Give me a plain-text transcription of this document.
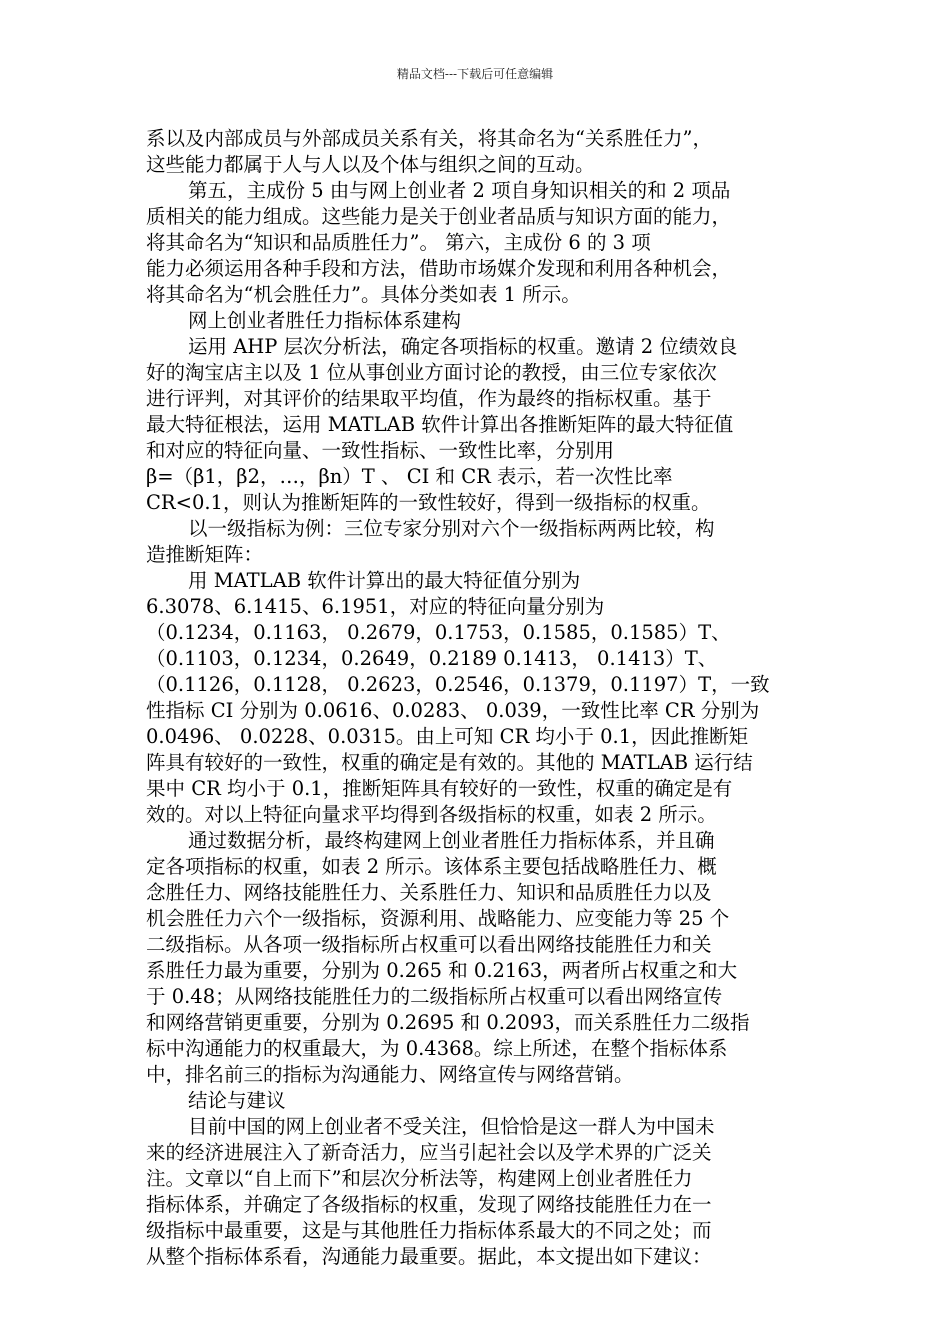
精品文档---下载后可任意编辑
系以及内部成员与外部成员关系有关，将其命名为“关系胜任力”，
这些能力都属于人与人以及个体与组织之间的互动。
第五，主成份 5 由与网上创业者 2 项自身知识相关的和 2 项品
质相关的能力组成。这些能力是关于创业者品质与知识方面的能力，
将其命名为“知识和品质胜任力”。 第六，主成份 6 的 3 项
能力必须运用各种手段和方法，借助市场媒介发现和利用各种机会，
将其命名为“机会胜任力”。具体分类如表 1 所示。
网上创业者胜任力指标体系建构
运用 AHP 层次分析法，确定各项指标的权重。邀请 2 位绩效良
好的淘宝店主以及 1 位从事创业方面讨论的教授，由三位专家依次
进行评判，对其评价的结果取平均值，作为最终的指标权重。基于
最大特征根法，运用 MATLAB 软件计算出各推断矩阵的最大特征值
和对应的特征向量、一致性指标、一致性比率，分别用
β=（β1，β2，…，βn）T 、 CI 和 CR 表示，若一次性比率
CR<0.1，则认为推断矩阵的一致性较好，得到一级指标的权重。
以一级指标为例：三位专家分别对六个一级指标两两比较，构
造推断矩阵：
用 MATLAB 软件计算出的最大特征值分别为
6.3078、6.1415、6.1951，对应的特征向量分别为
（0.1234，0.1163， 0.2679，0.1753，0.1585，0.1585）T、
（0.1103，0.1234，0.2649，0.2189 0.1413， 0.1413）T、
（0.1126，0.1128， 0.2623，0.2546，0.1379，0.1197）T，一致
性指标 CI 分别为 0.0616、0.0283、 0.039，一致性比率 CR 分别为
0.0496、 0.0228、0.0315。由上可知 CR 均小于 0.1，因此推断矩
阵具有较好的一致性，权重的确定是有效的。其他的 MATLAB 运行结
果中 CR 均小于 0.1，推断矩阵具有较好的一致性，权重的确定是有
效的。对以上特征向量求平均得到各级指标的权重，如表 2 所示。
通过数据分析，最终构建网上创业者胜任力指标体系，并且确
定各项指标的权重，如表 2 所示。该体系主要包括战略胜任力、概
念胜任力、网络技能胜任力、关系胜任力、知识和品质胜任力以及
机会胜任力六个一级指标，资源利用、战略能力、应变能力等 25 个
二级指标。从各项一级指标所占权重可以看出网络技能胜任力和关
系胜任力最为重要，分别为 0.265 和 0.2163，两者所占权重之和大
于 0.48；从网络技能胜任力的二级指标所占权重可以看出网络宣传
和网络营销更重要，分别为 0.2695 和 0.2093，而关系胜任力二级指
标中沟通能力的权重最大，为 0.4368。综上所述，在整个指标体系
中，排名前三的指标为沟通能力、网络宣传与网络营销。
结论与建议
目前中国的网上创业者不受关注，但恰恰是这一群人为中国未
来的经济进展注入了新奇活力，应当引起社会以及学术界的广泛关
注。文章以“自上而下”和层次分析法等，构建网上创业者胜任力
指标体系，并确定了各级指标的权重，发现了网络技能胜任力在一
级指标中最重要，这是与其他胜任力指标体系最大的不同之处；而
从整个指标体系看，沟通能力最重要。据此，本文提出如下建议：
